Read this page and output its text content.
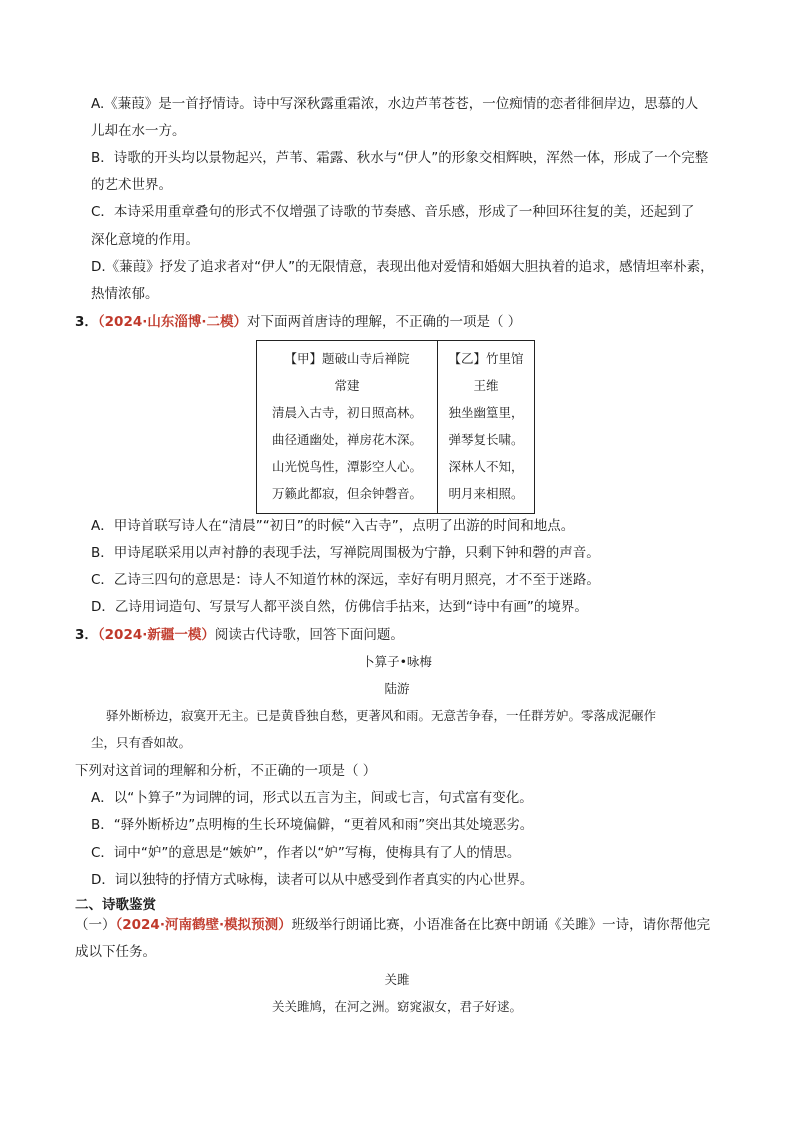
A.《蒹葭》是一首抒情诗。诗中写深秋露重霜浓，水边芦苇苍苍，一位痴情的恋者徘徊岸边，思慕的人
儿却在水一方。
B．诗歌的开头均以景物起兴，芦苇、霜露、秋水与“伊人”的形象交相辉映，浑然一体，形成了一个完整
的艺术世界。
C．本诗采用重章叠句的形式不仅增强了诗歌的节奏感、音乐感，形成了一种回环往复的美，还起到了
深化意境的作用。
D.《蒹葭》抒发了追求者对“伊人”的无限情意，表现出他对爱情和婚姻大胆执着的追求，感情坦率朴素，
热情浓郁。
3．（2024·山东淄博·二模）对下面两首唐诗的理解，不正确的一项是（ ）
【甲】题破山寺后禅院
常建
清晨入古寺，初日照高林。
曲径通幽处，禅房花木深。
山光悦鸟性，潭影空人心。
万籁此都寂，但余钟磬音。

【乙】竹里馆
王维
独坐幽篁里，
弹琴复长啸。
深林人不知，
明月来相照。
A．甲诗首联写诗人在“清晨”“初日”的时候“入古寺”，点明了出游的时间和地点。
B．甲诗尾联采用以声衬静的表现手法，写禅院周围极为宁静，只剩下钟和磬的声音。
C．乙诗三四句的意思是：诗人不知道竹林的深远，幸好有明月照亮，才不至于迷路。
D．乙诗用词造句、写景写人都平淡自然，仿佛信手拈来，达到“诗中有画”的境界。
3．（2024·新疆一模）阅读古代诗歌，回答下面问题。
卜算子•咏梅
陆游
驿外断桥边，寂寞开无主。已是黄昏独自愁，更著风和雨。无意苦争春，一任群芳妒。零落成泥碾作
尘，只有香如故。
下列对这首词的理解和分析，不正确的一项是（ ）
A．以“卜算子”为词牌的词，形式以五言为主，间或七言，句式富有变化。
B．“驿外断桥边”点明梅的生长环境偏僻，“更着风和雨”突出其处境恶劣。
C．词中“妒”的意思是“嫉妒”，作者以“妒”写梅，使梅具有了人的情思。
D．词以独特的抒情方式咏梅，读者可以从中感受到作者真实的内心世界。
二、诗歌鉴赏
（一）（2024·河南鹤壁·模拟预测）班级举行朗诵比赛，小语准备在比赛中朗诵《关雎》一诗，请你帮他完
成以下任务。
关雎
关关雎鸠，在河之洲。窈窕淑女，君子好逑。
